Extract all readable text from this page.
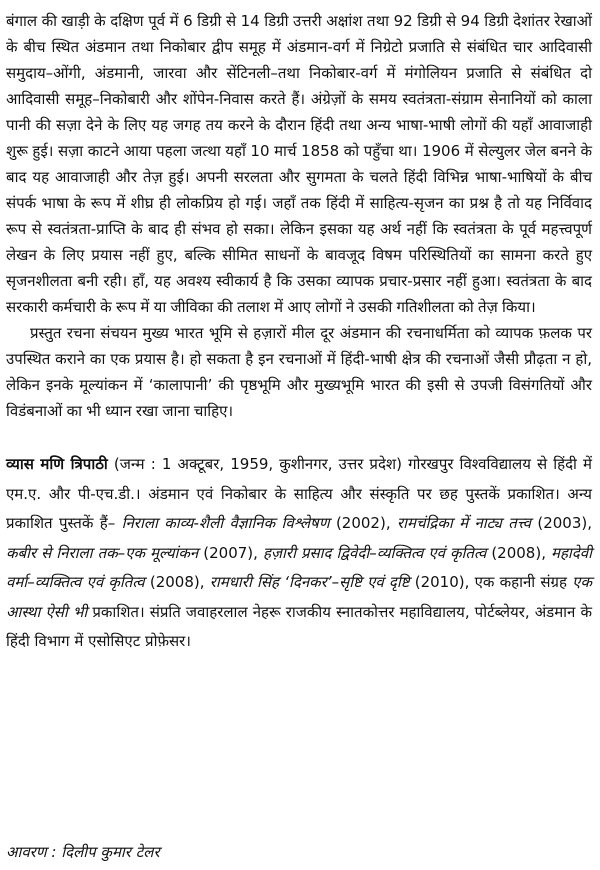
बंगाल की खाड़ी के दक्षिण पूर्व में 6 डिग्री से 14 डिग्री उत्तरी अक्षांश तथा 92 डिग्री से 94 डिग्री देशांतर रेखाओं के बीच स्थित अंडमान तथा निकोबार द्वीप समूह में अंडमान-वर्ग में निग्रेटो प्रजाति से संबंधित चार आदिवासी समुदाय–ओंगी, अंडमानी, जारवा और सेंटिनली–तथा निकोबार-वर्ग में मंगोलियन प्रजाति से संबंधित दो आदिवासी समूह–निकोबारी और शोंपेन-निवास करते हैं। अंग्रेज़ों के समय स्वतंत्रता-संग्राम सेनानियों को काला पानी की सज़ा देने के लिए यह जगह तय करने के दौरान हिंदी तथा अन्य भाषा-भाषी लोगों की यहाँ आवाजाही शुरू हुई। सज़ा काटने आया पहला जत्था यहाँ 10 मार्च 1858 को पहुँचा था। 1906 में सेल्युलर जेल बनने के बाद यह आवाजाही और तेज़ हुई। अपनी सरलता और सुगमता के चलते हिंदी विभिन्न भाषा-भाषियों के बीच संपर्क भाषा के रूप में शीघ्र ही लोकप्रिय हो गई। जहाँ तक हिंदी में साहित्य-सृजन का प्रश्न है तो यह निर्विवाद रूप से स्वतंत्रता-प्राप्ति के बाद ही संभव हो सका। लेकिन इसका यह अर्थ नहीं कि स्वतंत्रता के पूर्व महत्त्वपूर्ण लेखन के लिए प्रयास नहीं हुए, बल्कि सीमित साधनों के बावजूद विषम परिस्थितियों का सामना करते हुए सृजनशीलता बनी रही। हाँ, यह अवश्य स्वीकार्य है कि उसका व्यापक प्रचार-प्रसार नहीं हुआ। स्वतंत्रता के बाद सरकारी कर्मचारी के रूप में या जीविका की तलाश में आए लोगों ने उसकी गतिशीलता को तेज़ किया।

प्रस्तुत रचना संचयन मुख्य भारत भूमि से हज़ारों मील दूर अंडमान की रचनाधर्मिता को व्यापक फ़लक पर उपस्थित कराने का एक प्रयास है। हो सकता है इन रचनाओं में हिंदी-भाषी क्षेत्र की रचनाओं जैसी प्रौढ़ता न हो, लेकिन इनके मूल्यांकन में ‘कालापानी’ की पृष्ठभूमि और मुख्यभूमि भारत की इसी से उपजी विसंगतियों और विडंबनाओं का भी ध्यान रखा जाना चाहिए।

व्यास मणि त्रिपाठी (जन्म : 1 अक्टूबर, 1959, कुशीनगर, उत्तर प्रदेश) गोरखपुर विश्वविद्यालय से हिंदी में एम.ए. और पी-एच.डी.। अंडमान एवं निकोबार के साहित्य और संस्कृति पर छह पुस्तकें प्रकाशित। अन्य प्रकाशित पुस्तकें हैं– निराला काव्य-शैली वैज्ञानिक विश्लेषण (2002), रामचंद्रिका में नाट्य तत्त्व (2003), कबीर से निराला तक–एक मूल्यांकन (2007), हज़ारी प्रसाद द्विवेदी–व्यक्तित्व एवं कृतित्व (2008), महादेवी वर्मा–व्यक्तित्व एवं कृतित्व (2008), रामधारी सिंह ‘दिनकर’–सृष्टि एवं दृष्टि (2010), एक कहानी संग्रह एक आस्था ऐसी भी प्रकाशित। संप्रति जवाहरलाल नेहरू राजकीय स्नातकोत्तर महाविद्यालय, पोर्टब्लेयर, अंडमान के हिंदी विभाग में एसोसिएट प्रोफ़ेसर।

आवरण : दिलीप कुमार टेलर
